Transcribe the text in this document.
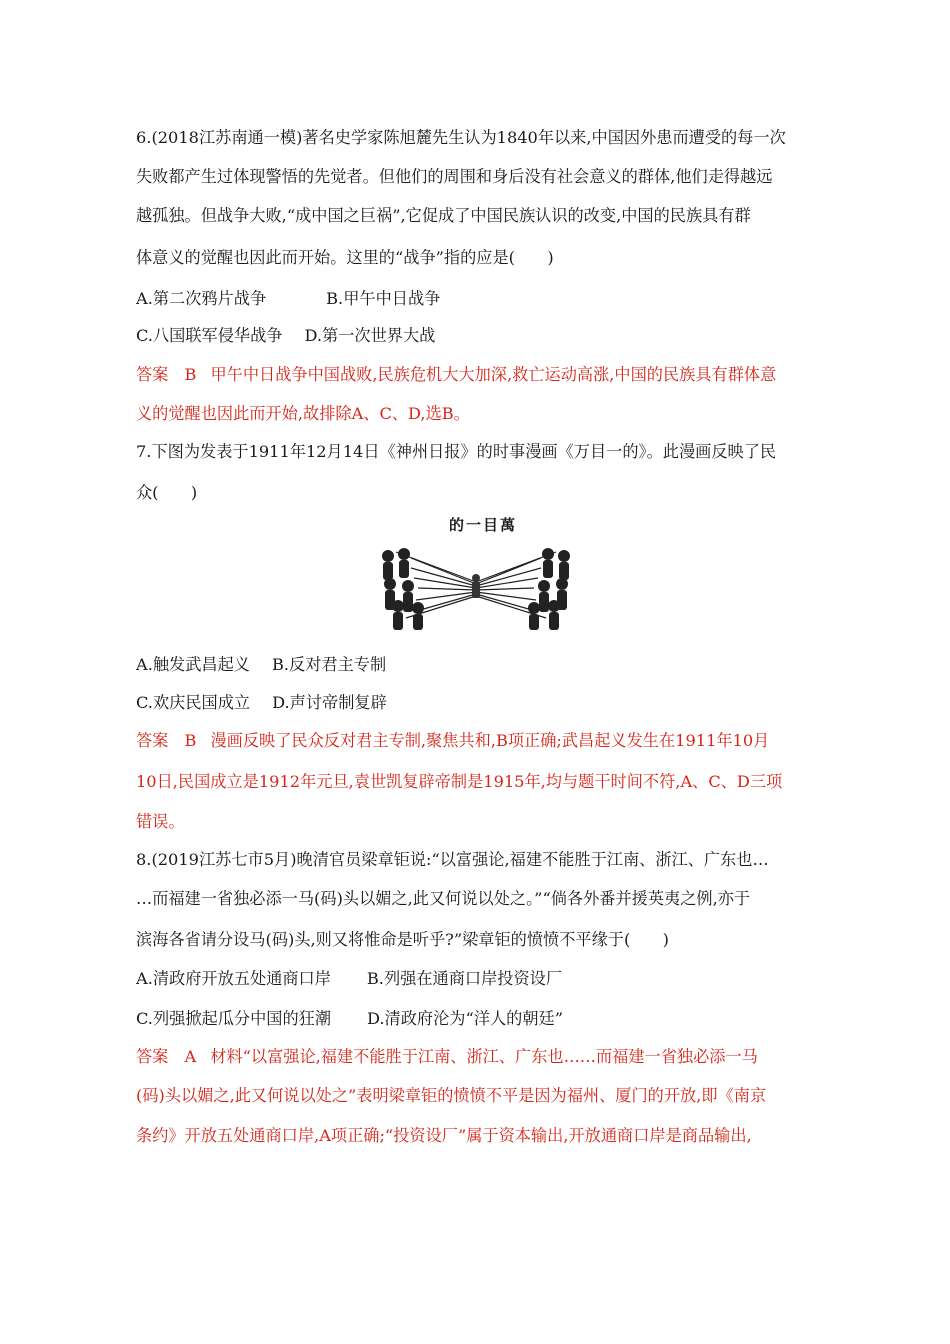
6.(2018江苏南通一模)著名史学家陈旭麓先生认为1840年以来,中国因外患而遭受的每一次
失败都产生过体现警悟的先觉者。但他们的周围和身后没有社会意义的群体,他们走得越远
越孤独。但战争大败,“成中国之巨祸”,它促成了中国民族认识的改变,中国的民族具有群
体意义的觉醒也因此而开始。这里的“战争”指的应是(　　)
A.第二次鸦片战争	B.甲午中日战争
C.八国联军侵华战争 D.第一次世界大战
答案　B 甲午中日战争中国战败,民族危机大大加深,救亡运动高涨,中国的民族具有群体意
义的觉醒也因此而开始,故排除A、C、D,选B。
7.下图为发表于1911年12月14日《神州日报》的时事漫画《万目一的》。此漫画反映了民
众(　　)
的一目萬
A.触发武昌起义 B.反对君主专制
C.欢庆民国成立 D.声讨帝制复辟
答案　B 漫画反映了民众反对君主专制,聚焦共和,B项正确;武昌起义发生在1911年10月
10日,民国成立是1912年元旦,袁世凯复辟帝制是1915年,均与题干时间不符,A、C、D三项
错误。
8.(2019江苏七市5月)晚清官员梁章钜说:“以富强论,福建不能胜于江南、浙江、广东也…
…而福建一省独必添一马(码)头以媚之,此又何说以处之。”“倘各外番并援英夷之例,亦于
滨海各省请分设马(码)头,则又将惟命是听乎?”梁章钜的愤愤不平缘于(　　)
A.清政府开放五处通商口岸 B.列强在通商口岸投资设厂
C.列强掀起瓜分中国的狂潮 D.清政府沦为“洋人的朝廷”
答案　A 材料“以富强论,福建不能胜于江南、浙江、广东也……而福建一省独必添一马
(码)头以媚之,此又何说以处之”表明梁章钜的愤愤不平是因为福州、厦门的开放,即《南京
条约》开放五处通商口岸,A项正确;“投资设厂”属于资本输出,开放通商口岸是商品输出,
